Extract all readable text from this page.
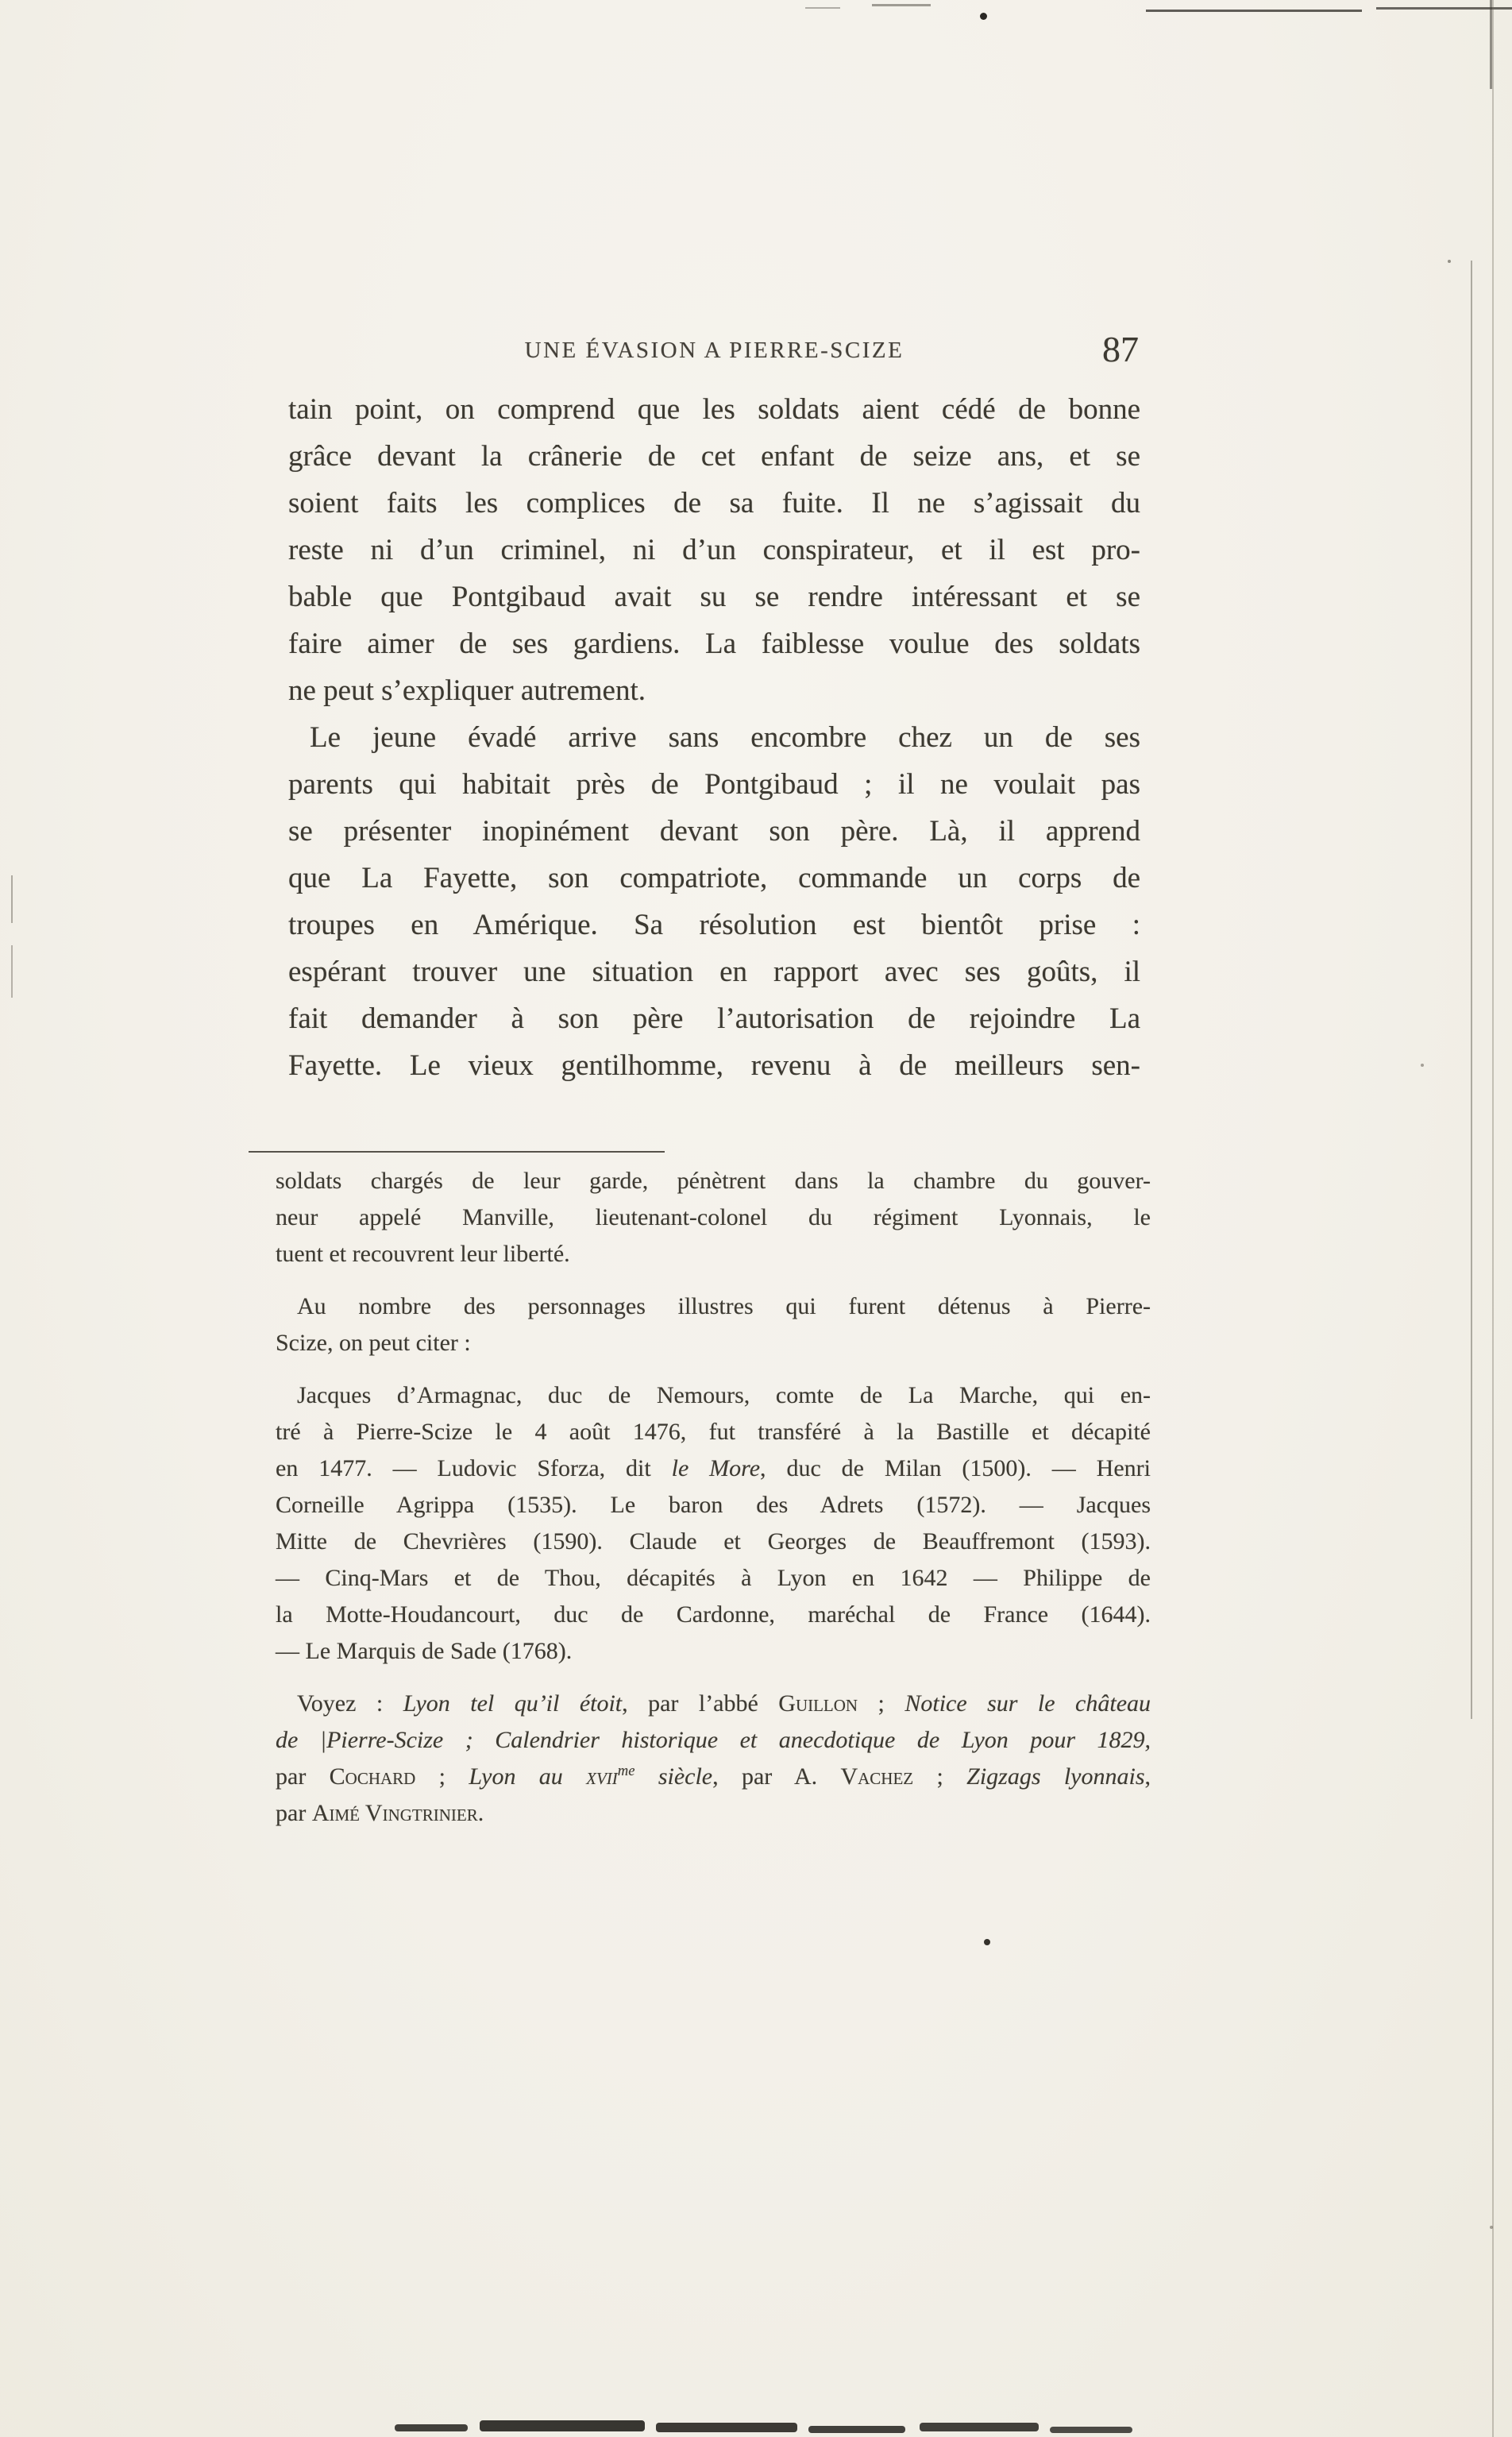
UNE ÉVASION A PIERRE-SCIZE	87
tain point, on comprend que les soldats aient cédé de bonne
grâce devant la crânerie de cet enfant de seize ans, et se
soient faits les complices de sa fuite. Il ne s’agissait du
reste ni d’un criminel, ni d’un conspirateur, et il est pro-
bable que Pontgibaud avait su se rendre intéressant et se
faire aimer de ses gardiens. La faiblesse voulue des soldats
ne peut s’expliquer autrement.
Le jeune évadé arrive sans encombre chez un de ses
parents qui habitait près de Pontgibaud ; il ne voulait pas
se présenter inopinément devant son père. Là, il apprend
que La Fayette, son compatriote, commande un corps de
troupes en Amérique. Sa résolution est bientôt prise :
espérant trouver une situation en rapport avec ses goûts, il
fait demander à son père l’autorisation de rejoindre La
Fayette. Le vieux gentilhomme, revenu à de meilleurs sen-
soldats chargés de leur garde, pénètrent dans la chambre du gouver-
neur appelé Manville, lieutenant-colonel du régiment Lyonnais, le
tuent et recouvrent leur liberté.
Au nombre des personnages illustres qui furent détenus à Pierre-
Scize, on peut citer :
Jacques d’Armagnac, duc de Nemours, comte de La Marche, qui en-
tré à Pierre-Scize le 4 août 1476, fut transféré à la Bastille et décapité
en 1477. — Ludovic Sforza, dit le More, duc de Milan (1500). — Henri
Corneille Agrippa (1535). Le baron des Adrets (1572). — Jacques
Mitte de Chevrières (1590). Claude et Georges de Beauffremont (1593).
— Cinq-Mars et de Thou, décapités à Lyon en 1642 — Philippe de
la Motte-Houdancourt, duc de Cardonne, maréchal de France (1644).
— Le Marquis de Sade (1768).
Voyez : Lyon tel qu’il étoit, par l’abbé Guillon ; Notice sur le château
de |Pierre-Scize ; Calendrier historique et anecdotique de Lyon pour 1829,
par Cochard ; Lyon au xvii$^{me}$ siècle, par A. Vachez ; Zigzags lyonnais,
par Aimé Vingtrinier.
